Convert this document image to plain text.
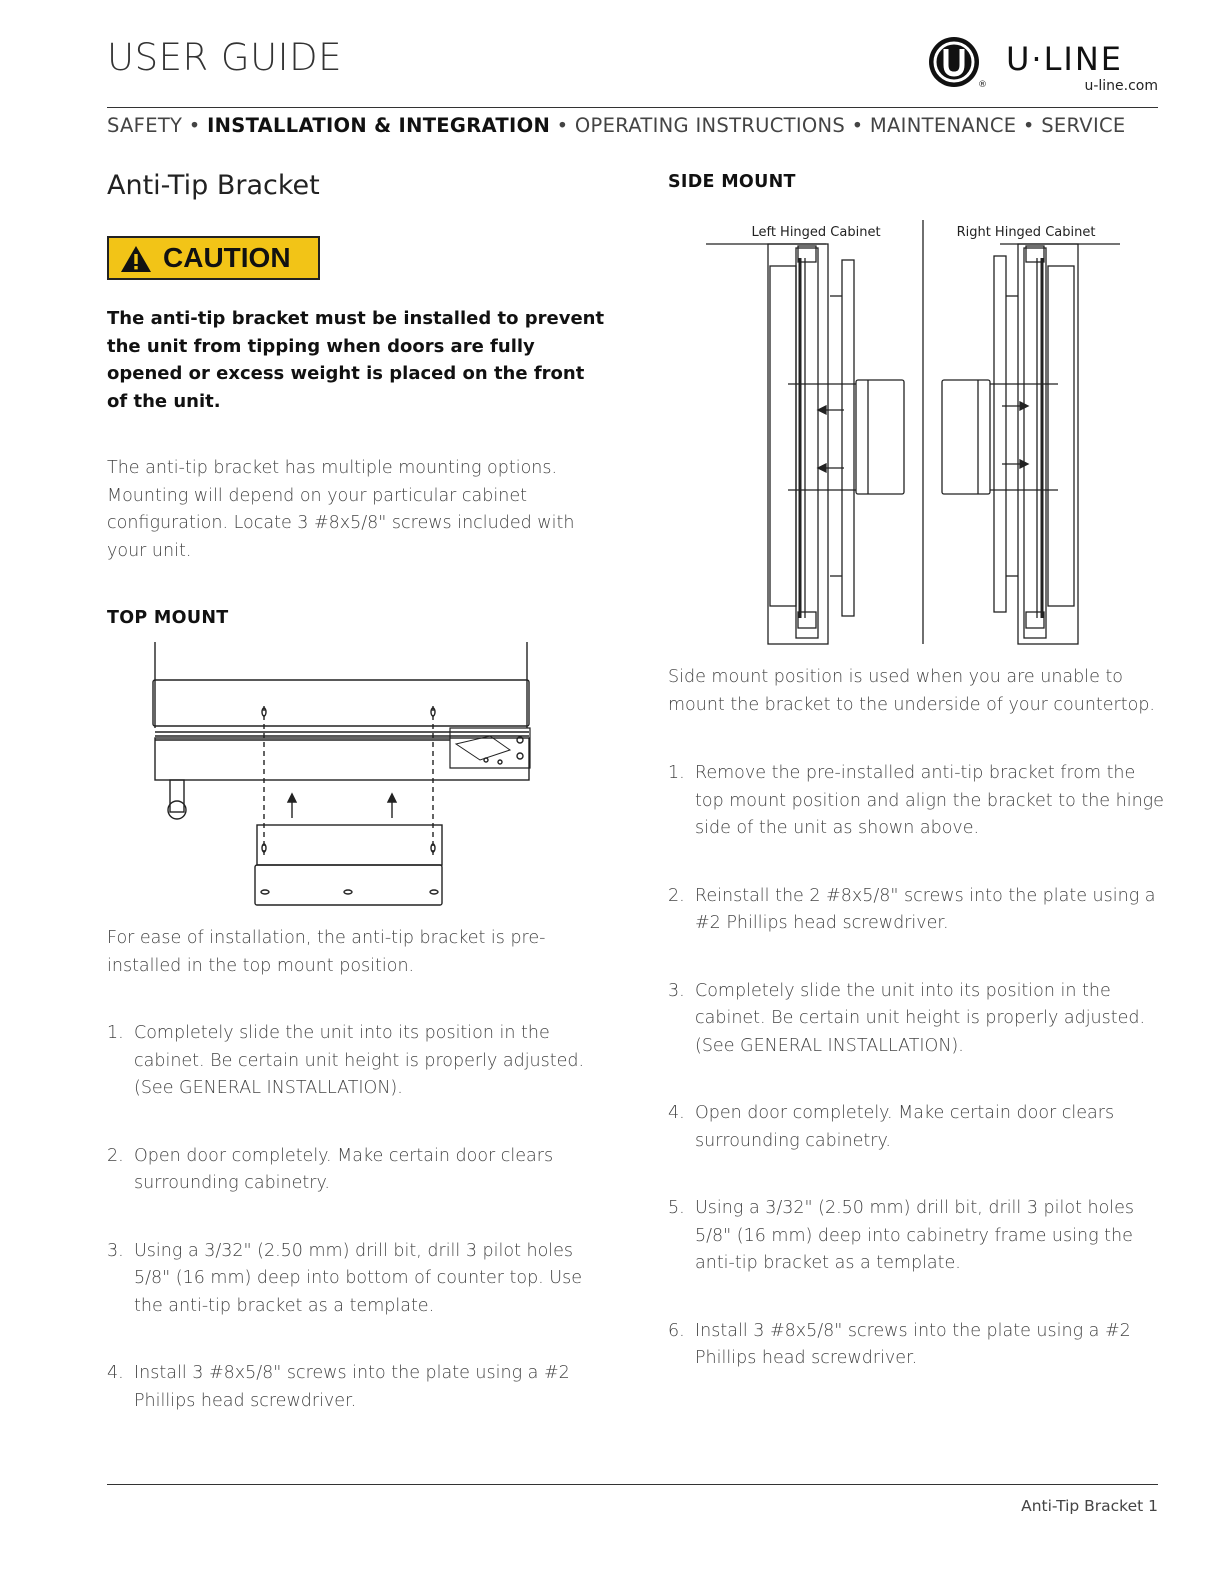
USER GUIDE
®
U·LINE
u-line.com
SAFETY • INSTALLATION & INTEGRATION • OPERATING INSTRUCTIONS • MAINTENANCE • SERVICE
Anti-Tip Bracket
CAUTION

The anti-tip bracket must be installed to prevent the unit from tipping when doors are fully opened or excess weight is placed on the front of the unit.

The anti-tip bracket has multiple mounting options. Mounting will depend on your particular cabinet configuration. Locate 3 #8x5/8" screws included with your unit.

TOP MOUNT

For ease of installation, the anti-tip bracket is pre-installed in the top mount position.

1. Completely slide the unit into its position in the cabinet. Be certain unit height is properly adjusted. (See GENERAL INSTALLATION).
2. Open door completely. Make certain door clears surrounding cabinetry.
3. Using a 3/32" (2.50 mm) drill bit, drill 3 pilot holes 5/8" (16 mm) deep into bottom of counter top. Use the anti-tip bracket as a template.
4. Install 3 #8x5/8" screws into the plate using a #2 Phillips head screwdriver.
SIDE MOUNT
Left Hinged Cabinet	Right Hinged Cabinet

Side mount position is used when you are unable to mount the bracket to the underside of your countertop.

1. Remove the pre-installed anti-tip bracket from the top mount position and align the bracket to the hinge side of the unit as shown above.
2. Reinstall the 2 #8x5/8" screws into the plate using a #2 Phillips head screwdriver.
3. Completely slide the unit into its position in the cabinet. Be certain unit height is properly adjusted. (See GENERAL INSTALLATION).
4. Open door completely. Make certain door clears surrounding cabinetry.
5. Using a 3/32" (2.50 mm) drill bit, drill 3 pilot holes 5/8" (16 mm) deep into cabinetry frame using the anti-tip bracket as a template.
6. Install 3 #8x5/8" screws into the plate using a #2 Phillips head screwdriver.
Anti-Tip Bracket 1
